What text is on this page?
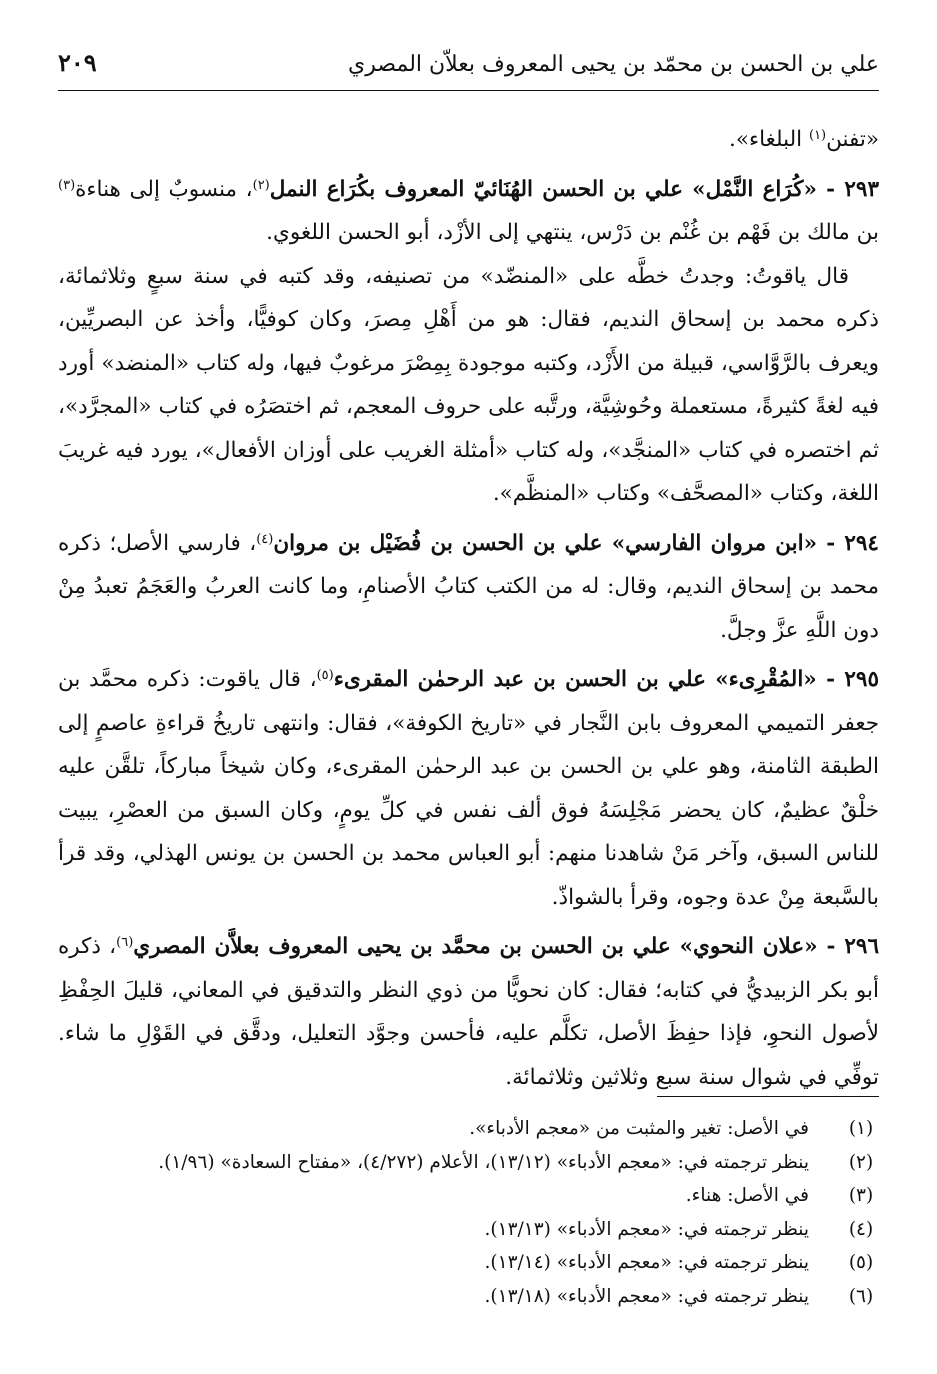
علي بن الحسن بن محمّد بن يحيى المعروف بعلاّن المصري
٢٠٩

«تفنن$^{(١)}$ البلغاء».

٢٩٣ - «كُرَاع النَّمْل» علي بن الحسن الهُنَائيّ المعروف بكُرَاع النمل$^{(٢)}$، منسوبٌ إلى هناءة$^{(٣)}$ بن مالك بن فَهْم بن غُنْم بن دَرْس، ينتهي إلى الأزْد، أبو الحسن اللغوي.

قال ياقوتُ: وجدتُ خطَّه على «المنضّد» من تصنيفه، وقد كتبه في سنة سبعٍ وثلاثمائة، ذكره محمد بن إسحاق النديم، فقال: هو من أَهْلِ مِصرَ، وكان كوفيًّا، وأخذ عن البصريِّين، ويعرف بالرَّوَّاسي، قبيلة من الأَزْد، وكتبه موجودة بِمِصْرَ مرغوبٌ فيها، وله كتاب «المنضد» أورد فيه لغةً كثيرةً، مستعملة وحُوشِيَّة، ورتَّبه على حروف المعجم، ثم اختصَرُه في كتاب «المجرَّد»، ثم اختصره في كتاب «المنجَّد»، وله كتاب «أمثلة الغريب على أوزان الأفعال»، يورد فيه غريبَ اللغة، وكتاب «المصحَّف» وكتاب «المنظَّم».

٢٩٤ - «ابن مروان الفارسي» علي بن الحسن بن فُضَيْل بن مروان$^{(٤)}$، فارسي الأصل؛ ذكره محمد بن إسحاق النديم، وقال: له من الكتب كتابُ الأصنامِ، وما كانت العربُ والعَجَمُ تعبدُ مِنْ دون اللَّهِ عزَّ وجلَّ.

٢٩٥ - «المُقْرِىء» علي بن الحسن بن عبد الرحمٰن المقرىء$^{(٥)}$، قال ياقوت: ذكره محمَّد بن جعفر التميمي المعروف بابن النَّجار في «تاريخ الكوفة»، فقال: وانتهى تاريخُ قراءةِ عاصمٍ إلى الطبقة الثامنة، وهو علي بن الحسن بن عبد الرحمٰن المقرىء، وكان شيخاً مباركاً، تلقَّن عليه خلْقٌ عظيمٌ، كان يحضر مَجْلِسَهُ فوق ألف نفس في كلِّ يومٍ، وكان السبق من العصْرِ، يبيت للناس السبق، وآخر مَنْ شاهدنا منهم: أبو العباس محمد بن الحسن بن يونس الهذلي، وقد قرأ بالسَّبعة مِنْ عدة وجوه، وقرأ بالشواذّ.

٢٩٦ - «علان النحوي» علي بن الحسن بن محمَّد بن يحيى المعروف بعلاَّن المصري$^{(٦)}$، ذكره أبو بكر الزبيديُّ في كتابه؛ فقال: كان نحويًّا من ذوي النظر والتدقيق في المعاني، قليلَ الحِفْظِ لأصول النحوِ، فإذا حفِظَ الأصل، تكلَّم عليه، فأحسن وجوَّد التعليل، ودقَّق في القَوْلِ ما شاء. توفِّي في شوال سنة سبع وثلاثين وثلاثمائة.

(١)
في الأصل: تغير والمثبت من «معجم الأدباء».
(٢)
ينظر ترجمته في: «معجم الأدباء» (١٣/١٢)، الأعلام (٤/٢٧٢)، «مفتاح السعادة» (١/٩٦).
(٣)
في الأصل: هناء.
(٤)
ينظر ترجمته في: «معجم الأدباء» (١٣/١٣).
(٥)
ينظر ترجمته في: «معجم الأدباء» (١٣/١٤).
(٦)
ينظر ترجمته في: «معجم الأدباء» (١٣/١٨).
